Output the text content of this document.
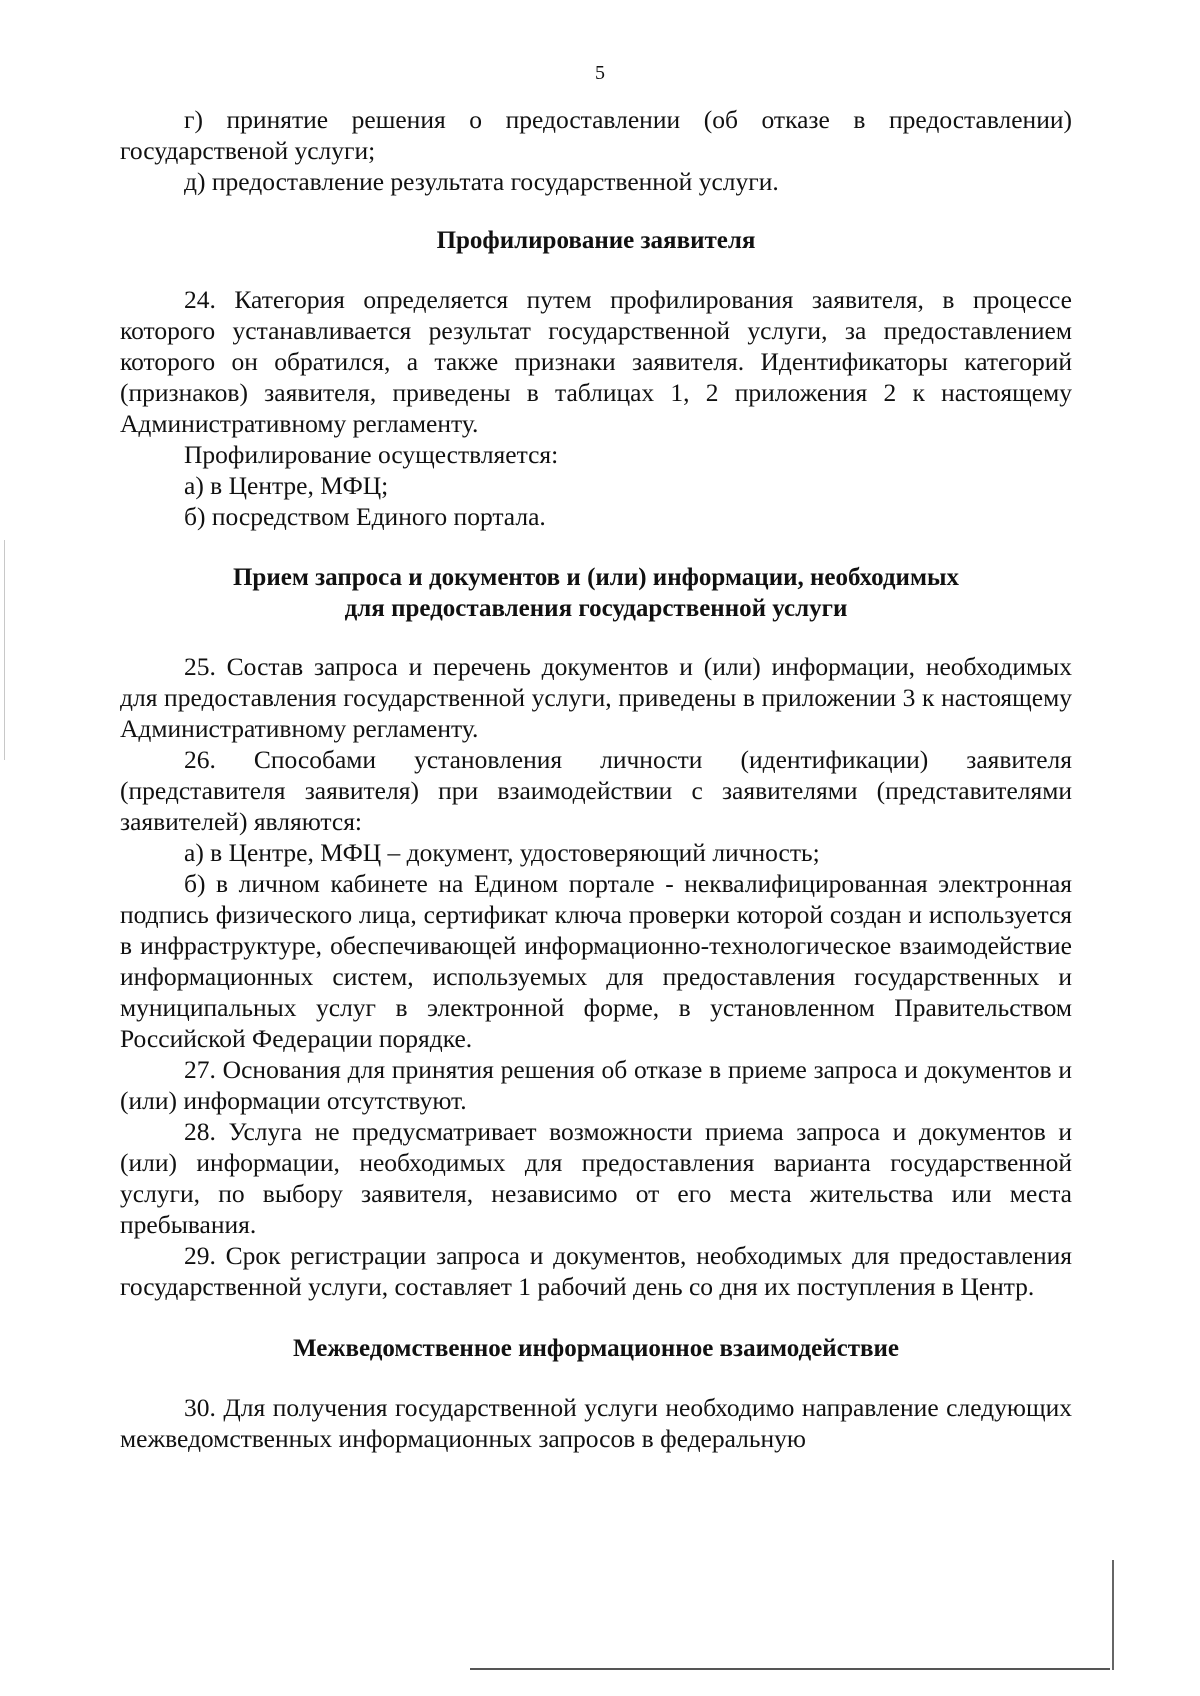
5

г) принятие решения о предоставлении (об отказе в предоставлении) государственой услуги;

д) предоставление результата государственной услуги.

Профилирование заявителя

24. Категория определяется путем профилирования заявителя, в процессе которого устанавливается результат государственной услуги, за предоставлением которого он обратился, а также признаки заявителя. Идентификаторы категорий (признаков) заявителя, приведены в таблицах 1, 2 приложения 2 к настоящему Административному регламенту.

Профилирование осуществляется:

а) в Центре, МФЦ;

б) посредством Единого портала.

Прием запроса и документов и (или) информации, необходимых
для предоставления государственной услуги

25. Состав запроса и перечень документов и (или) информации, необходимых для предоставления государственной услуги, приведены в приложении 3 к настоящему Административному регламенту.

26. Способами установления личности (идентификации) заявителя (представителя заявителя) при взаимодействии с заявителями (представителями заявителей) являются:

а) в Центре, МФЦ – документ, удостоверяющий личность;

б) в личном кабинете на Едином портале - неквалифицированная электронная подпись физического лица, сертификат ключа проверки которой создан и используется в инфраструктуре, обеспечивающей информационно-технологическое взаимодействие информационных систем, используемых для предоставления государственных и муниципальных услуг в электронной форме, в установленном Правительством Российской Федерации порядке.

27. Основания для принятия решения об отказе в приеме запроса и документов и (или) информации отсутствуют.

28. Услуга не предусматривает возможности приема запроса и документов и (или) информации, необходимых для предоставления варианта государственной услуги, по выбору заявителя, независимо от его места жительства или места пребывания.

29. Срок регистрации запроса и документов, необходимых для предоставления государственной услуги, составляет 1 рабочий день со дня их поступления в Центр.

Межведомственное информационное взаимодействие

30. Для получения государственной услуги необходимо направление следующих межведомственных информационных запросов в федеральную
